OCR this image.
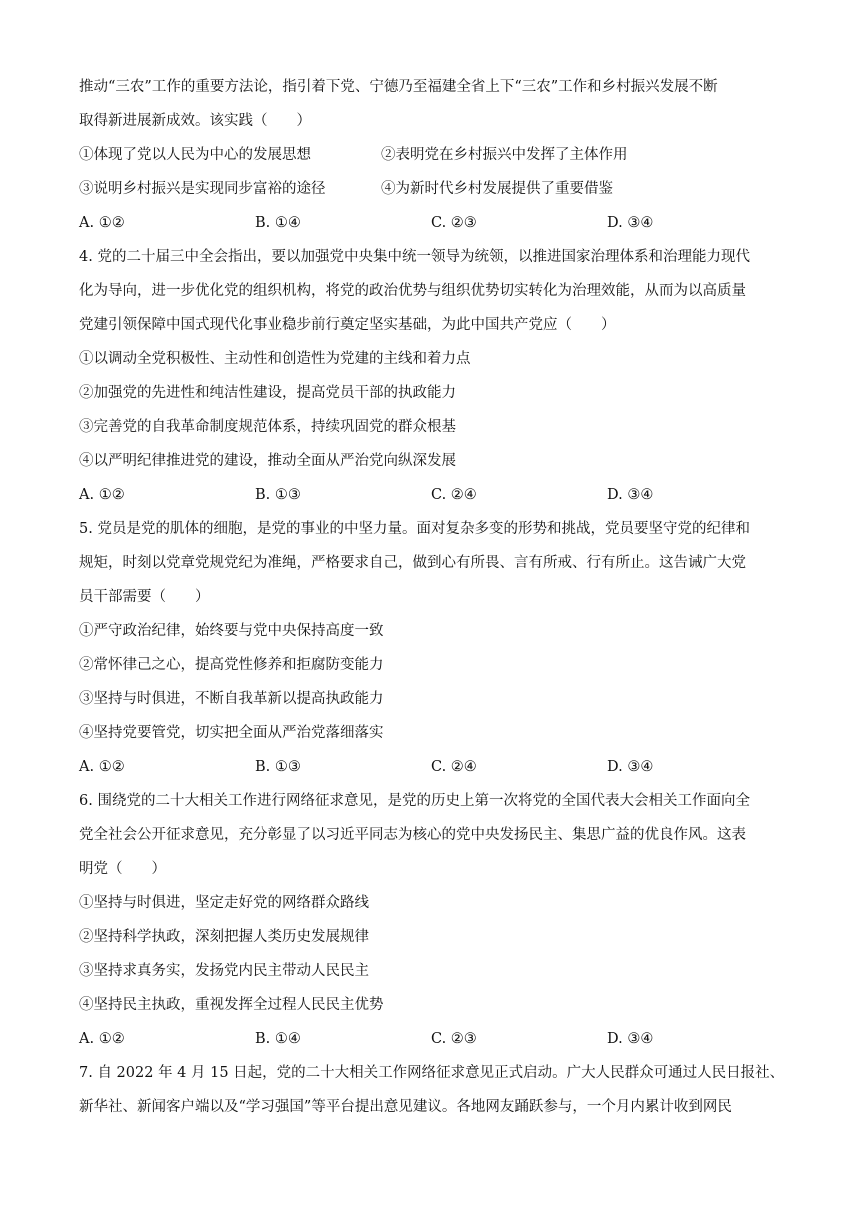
推动“三农”工作的重要方法论，指引着下党、宁德乃至福建全省上下“三农”工作和乡村振兴发展不断
取得新进展新成效。该实践（　　）
①体现了党以人民为中心的发展思想	②表明党在乡村振兴中发挥了主体作用
③说明乡村振兴是实现同步富裕的途径	④为新时代乡村发展提供了重要借鉴
A. ①②	B. ①④	C. ②③	D. ③④
4. 党的二十届三中全会指出，要以加强党中央集中统一领导为统领，以推进国家治理体系和治理能力现代
化为导向，进一步优化党的组织机构，将党的政治优势与组织优势切实转化为治理效能，从而为以高质量
党建引领保障中国式现代化事业稳步前行奠定坚实基础，为此中国共产党应（　　）
①以调动全党积极性、主动性和创造性为党建的主线和着力点
②加强党的先进性和纯洁性建设，提高党员干部的执政能力
③完善党的自我革命制度规范体系，持续巩固党的群众根基
④以严明纪律推进党的建设，推动全面从严治党向纵深发展
A. ①②	B. ①③	C. ②④	D. ③④
5. 党员是党的肌体的细胞，是党的事业的中坚力量。面对复杂多变的形势和挑战，党员要坚守党的纪律和
规矩，时刻以党章党规党纪为准绳，严格要求自己，做到心有所畏、言有所戒、行有所止。这告诫广大党
员干部需要（　　）
①严守政治纪律，始终要与党中央保持高度一致
②常怀律己之心，提高党性修养和拒腐防变能力
③坚持与时俱进，不断自我革新以提高执政能力
④坚持党要管党，切实把全面从严治党落细落实
A. ①②	B. ①③	C. ②④	D. ③④
6. 围绕党的二十大相关工作进行网络征求意见，是党的历史上第一次将党的全国代表大会相关工作面向全
党全社会公开征求意见，充分彰显了以习近平同志为核心的党中央发扬民主、集思广益的优良作风。这表
明党（　　）
①坚持与时俱进，坚定走好党的网络群众路线
②坚持科学执政，深刻把握人类历史发展规律
③坚持求真务实，发扬党内民主带动人民民主
④坚持民主执政，重视发挥全过程人民民主优势
A. ①②	B. ①④	C. ②③	D. ③④
7. 自 2022 年 4 月 15 日起，党的二十大相关工作网络征求意见正式启动。广大人民群众可通过人民日报社、
新华社、新闻客户端以及“学习强国”等平台提出意见建议。各地网友踊跃参与，一个月内累计收到网民
